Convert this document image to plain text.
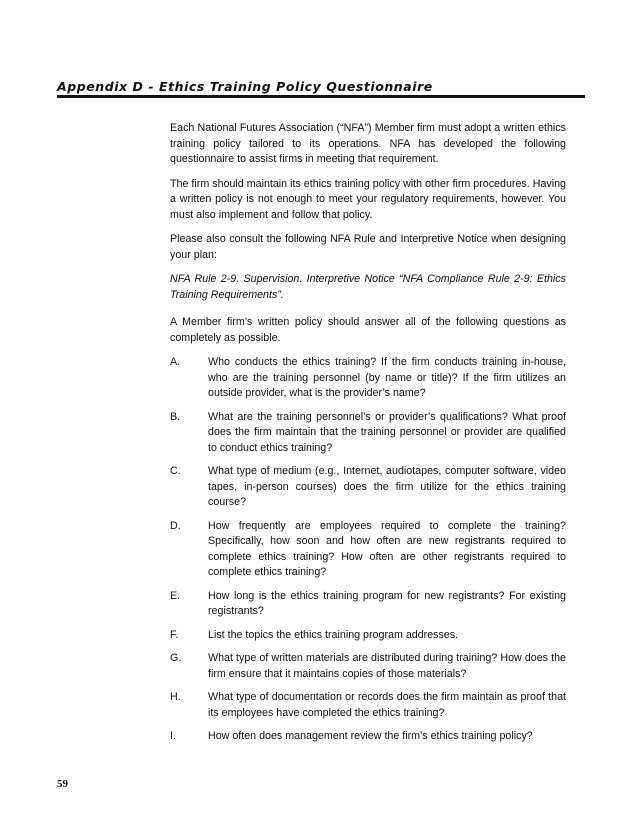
Appendix D - Ethics Training Policy Questionnaire

Each National Futures Association (“NFA”) Member firm must adopt a written ethics training policy tailored to its operations. NFA has developed the following questionnaire to assist firms in meeting that requirement.

The firm should maintain its ethics training policy with other firm procedures. Having a written policy is not enough to meet your regulatory requirements, however. You must also implement and follow that policy.

Please also consult the following NFA Rule and Interpretive Notice when designing your plan:

NFA Rule 2-9. Supervision. Interpretive Notice “NFA Compliance Rule 2-9: Ethics Training Requirements”.

A Member firm’s written policy should answer all of the following questions as completely as possible.

A.	Who conducts the ethics training? If the firm conducts training in-house, who are the training personnel (by name or title)? If the firm utilizes an outside provider, what is the provider’s name?
B.	What are the training personnel’s or provider’s qualifications? What proof does the firm maintain that the training personnel or provider are qualified to conduct ethics training?
C.	What type of medium (e.g., Internet, audiotapes, computer software, video tapes, in-person courses) does the firm utilize for the ethics training course?
D.	How frequently are employees required to complete the training? Specifically, how soon and how often are new registrants required to complete ethics training? How often are other registrants required to complete ethics training?
E.	How long is the ethics training program for new registrants? For existing registrants?
F.	List the topics the ethics training program addresses.
G.	What type of written materials are distributed during training? How does the firm ensure that it maintains copies of those materials?
H.	What type of documentation or records does the firm maintain as proof that its employees have completed the ethics training?
I.	How often does management review the firm’s ethics training policy?
59
